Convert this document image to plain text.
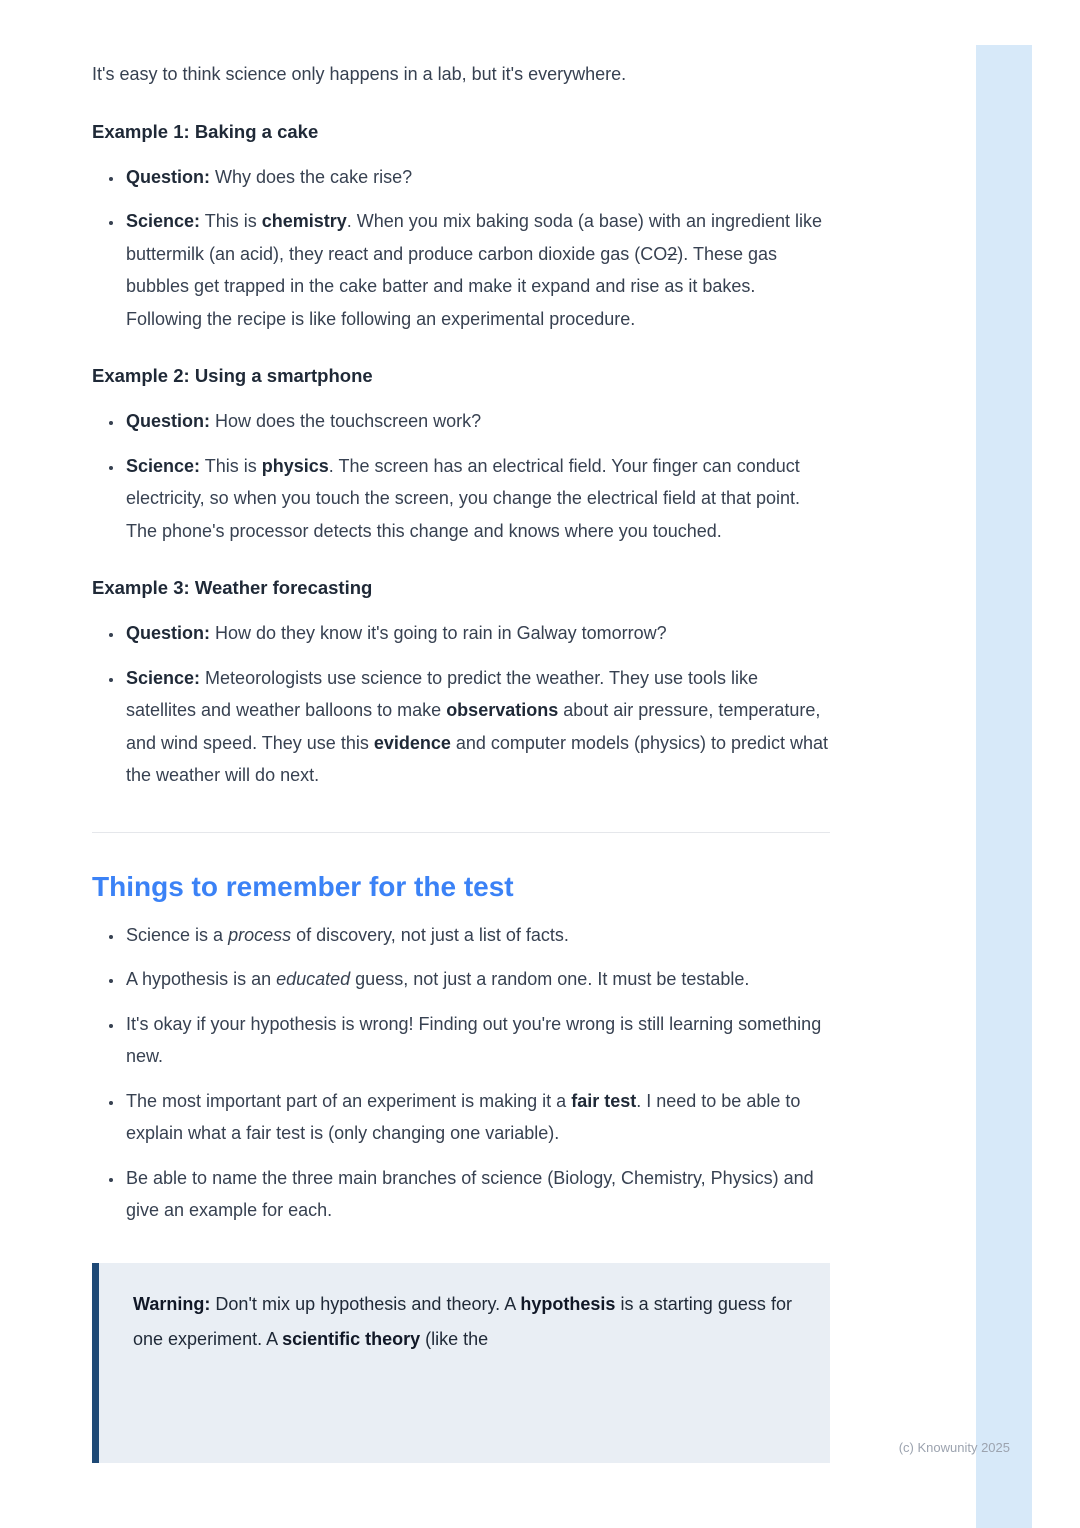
(c) Knowunity 2025

It's easy to think science only happens in a lab, but it's everywhere.

Example 1: Baking a cake
• Question: Why does the cake rise?
• Science: This is chemistry. When you mix baking soda (a base) with an ingredient like buttermilk (an acid), they react and produce carbon dioxide gas (CO2). These gas bubbles get trapped in the cake batter and make it expand and rise as it bakes. Following the recipe is like following an experimental procedure.
Example 2: Using a smartphone
• Question: How does the touchscreen work?
• Science: This is physics. The screen has an electrical field. Your finger can conduct electricity, so when you touch the screen, you change the electrical field at that point. The phone's processor detects this change and knows where you touched.
Example 3: Weather forecasting
• Question: How do they know it's going to rain in Galway tomorrow?
• Science: Meteorologists use science to predict the weather. They use tools like satellites and weather balloons to make observations about air pressure, temperature, and wind speed. They use this evidence and computer models (physics) to predict what the weather will do next.
Things to remember for the test
• Science is a process of discovery, not just a list of facts.
• A hypothesis is an educated guess, not just a random one. It must be testable.
• It's okay if your hypothesis is wrong! Finding out you're wrong is still learning something new.
• The most important part of an experiment is making it a fair test. I need to be able to explain what a fair test is (only changing one variable).
• Be able to name the three main branches of science (Biology, Chemistry, Physics) and give an example for each.

Warning: Don't mix up hypothesis and theory. A hypothesis is a starting guess for one experiment. A scientific theory (like the
